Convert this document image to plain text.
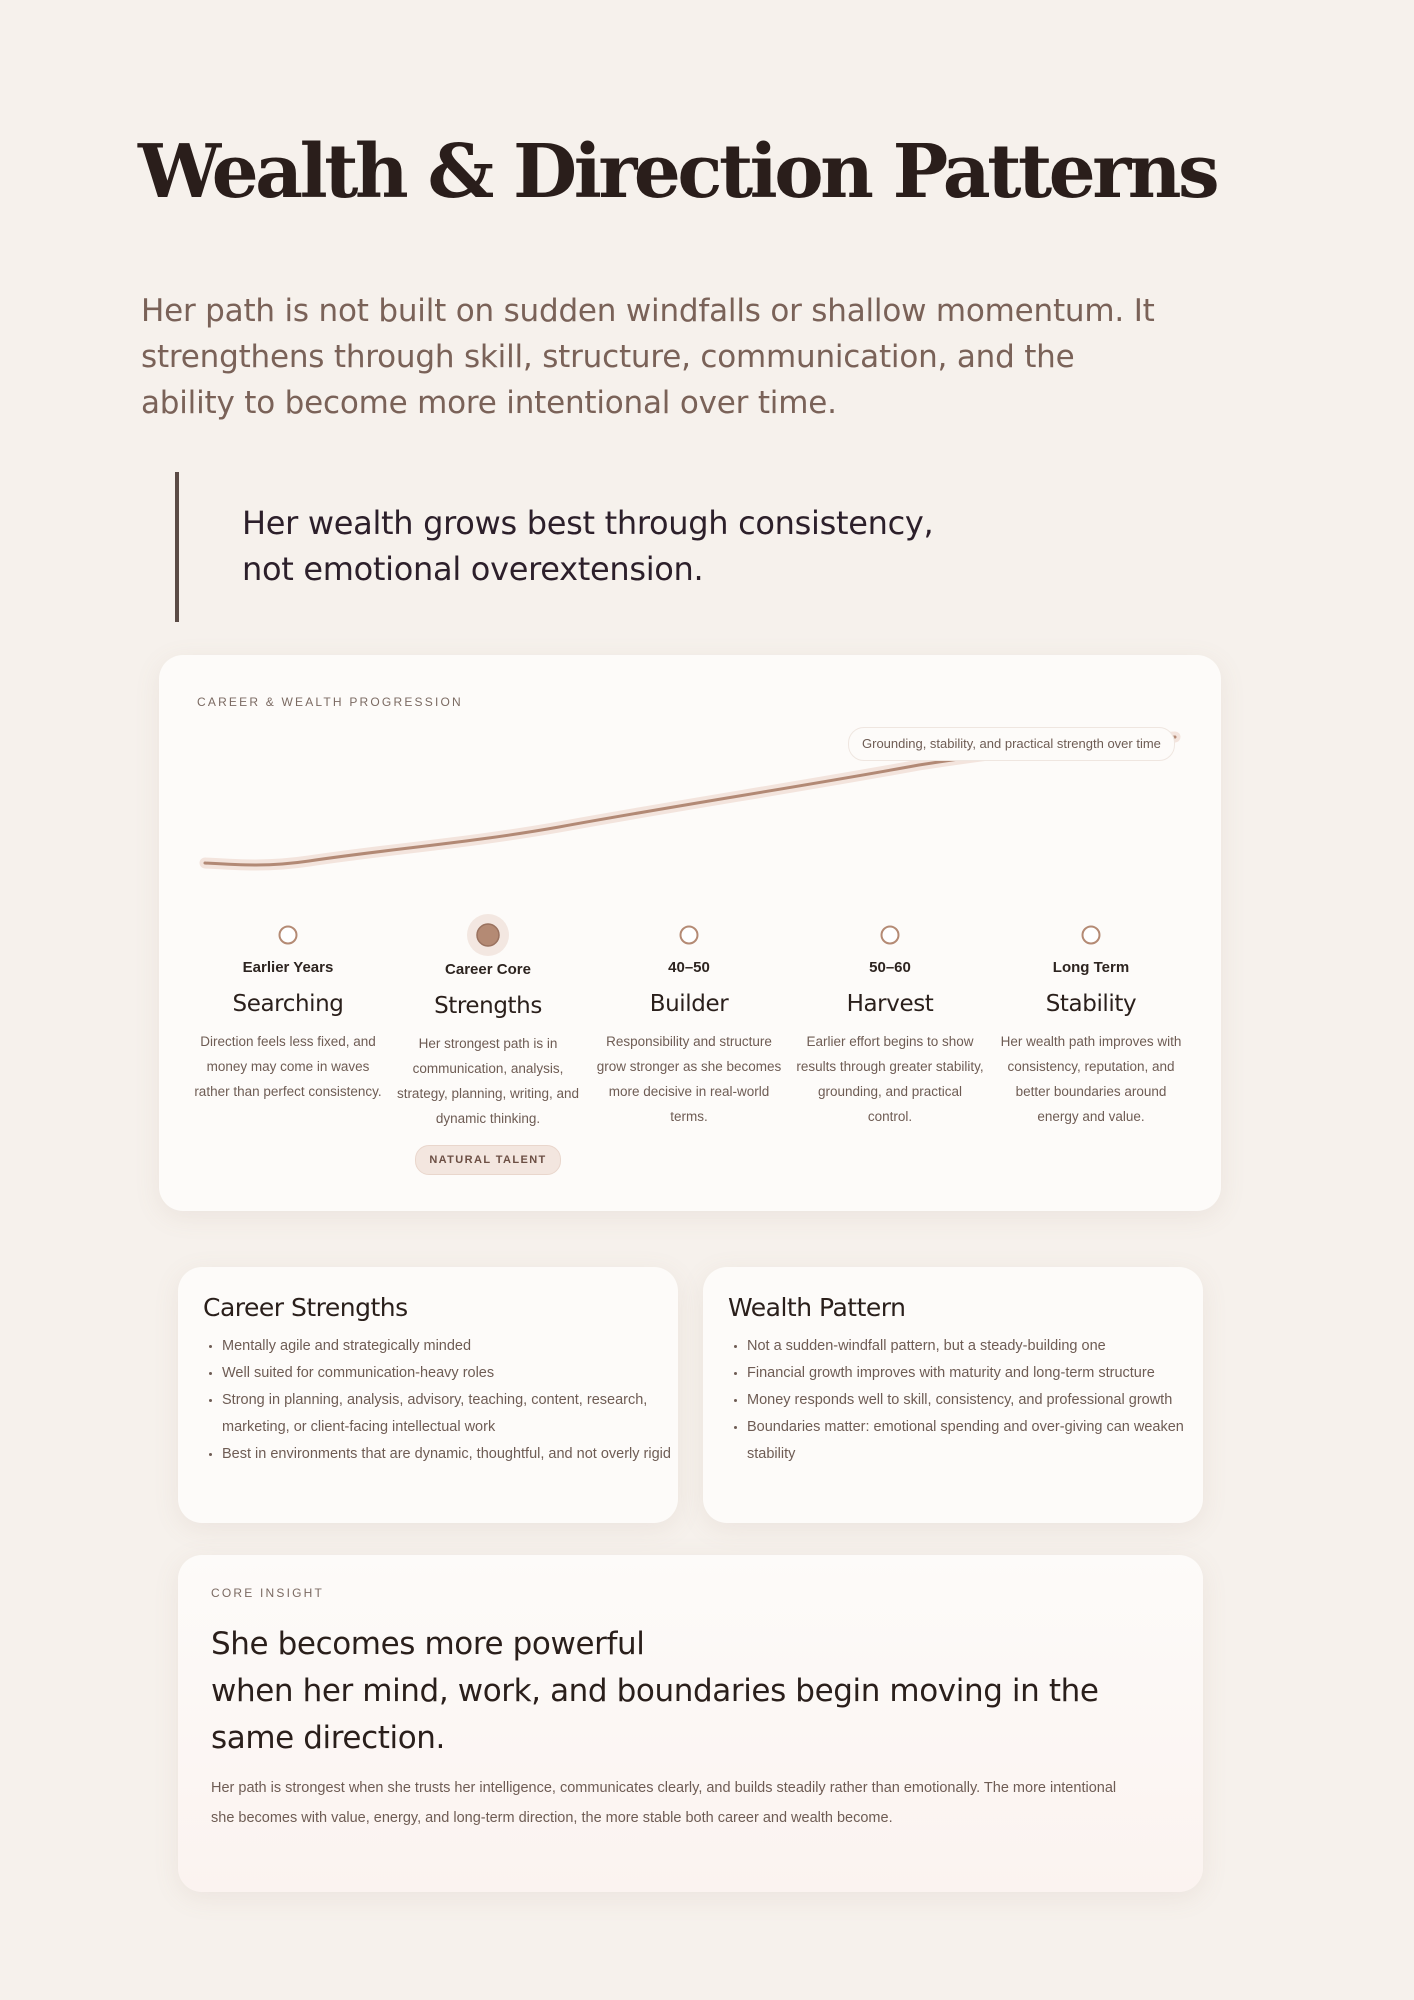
Wealth & Direction Patterns

Her path is not built on sudden windfalls or shallow momentum. It strengthens through skill, structure, communication, and the ability to become more intentional over time.

Her wealth grows best through consistency,
not emotional overextension.

CAREER & WEALTH PROGRESSION
Grounding, stability, and practical strength over time
Earlier Years
Searching
Direction feels less fixed, and money may come in waves rather than perfect consistency.
Career Core
Strengths
Her strongest path is in communication, analysis, strategy, planning, writing, and dynamic thinking.
NATURAL TALENT
40–50
Builder
Responsibility and structure grow stronger as she becomes more decisive in real-world terms.
50–60
Harvest
Earlier effort begins to show results through greater stability, grounding, and practical control.
Long Term
Stability
Her wealth path improves with consistency, reputation, and better boundaries around energy and value.
Career Strengths
• Mentally agile and strategically minded
• Well suited for communication-heavy roles
• Strong in planning, analysis, advisory, teaching, content, research, marketing, or client-facing intellectual work
• Best in environments that are dynamic, thoughtful, and not overly rigid
Wealth Pattern
• Not a sudden-windfall pattern, but a steady-building one
• Financial growth improves with maturity and long-term structure
• Money responds well to skill, consistency, and professional growth
• Boundaries matter: emotional spending and over-giving can weaken stability
CORE INSIGHT
She becomes more powerful
when her mind, work, and boundaries begin moving in the
same direction.

Her path is strongest when she trusts her intelligence, communicates clearly, and builds steadily rather than emotionally. The more intentional she becomes with value, energy, and long-term direction, the more stable both career and wealth become.
